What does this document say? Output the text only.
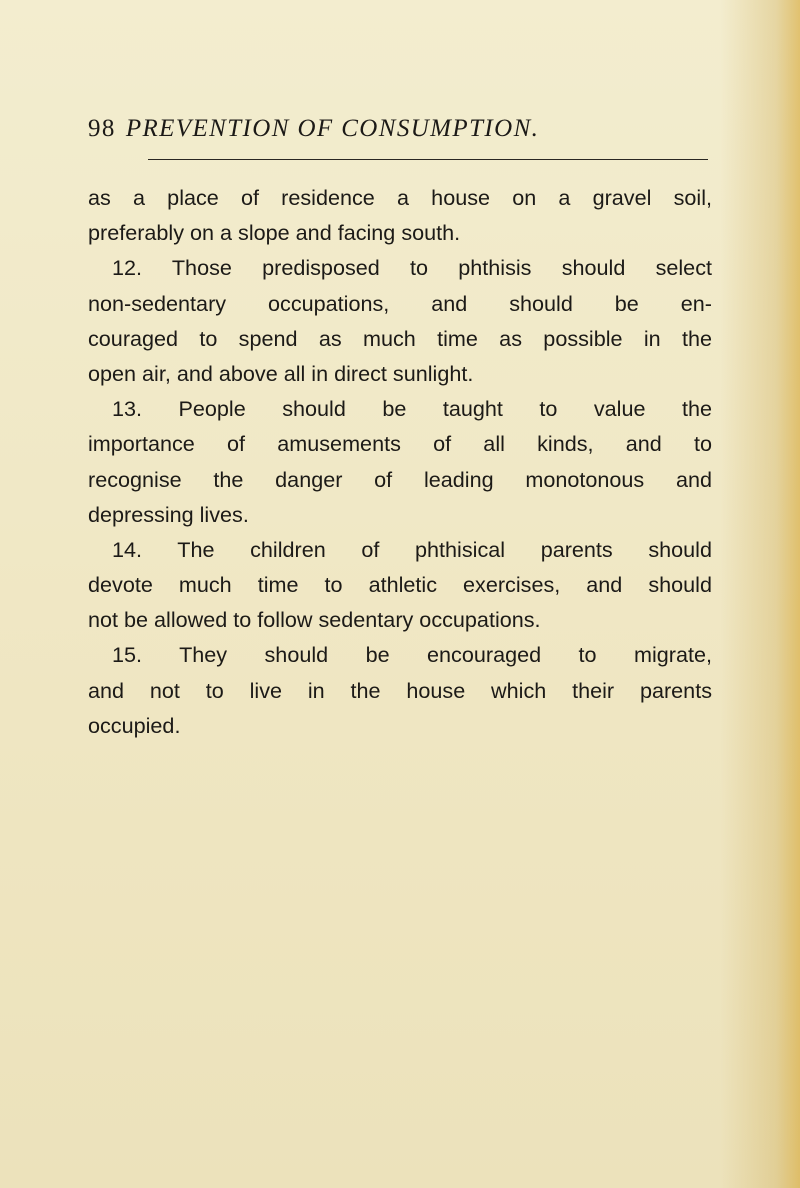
98 PREVENTION OF CONSUMPTION.
as a place of residence a house on a gravel soil,
preferably on a slope and facing south.
12. Those predisposed to phthisis should select
non-sedentary occupations, and should be en-
couraged to spend as much time as possible in the
open air, and above all in direct sunlight.
13. People should be taught to value the
importance of amusements of all kinds, and to
recognise the danger of leading monotonous and
depressing lives.
14. The children of phthisical parents should
devote much time to athletic exercises, and should
not be allowed to follow sedentary occupations.
15. They should be encouraged to migrate,
and not to live in the house which their parents
occupied.
